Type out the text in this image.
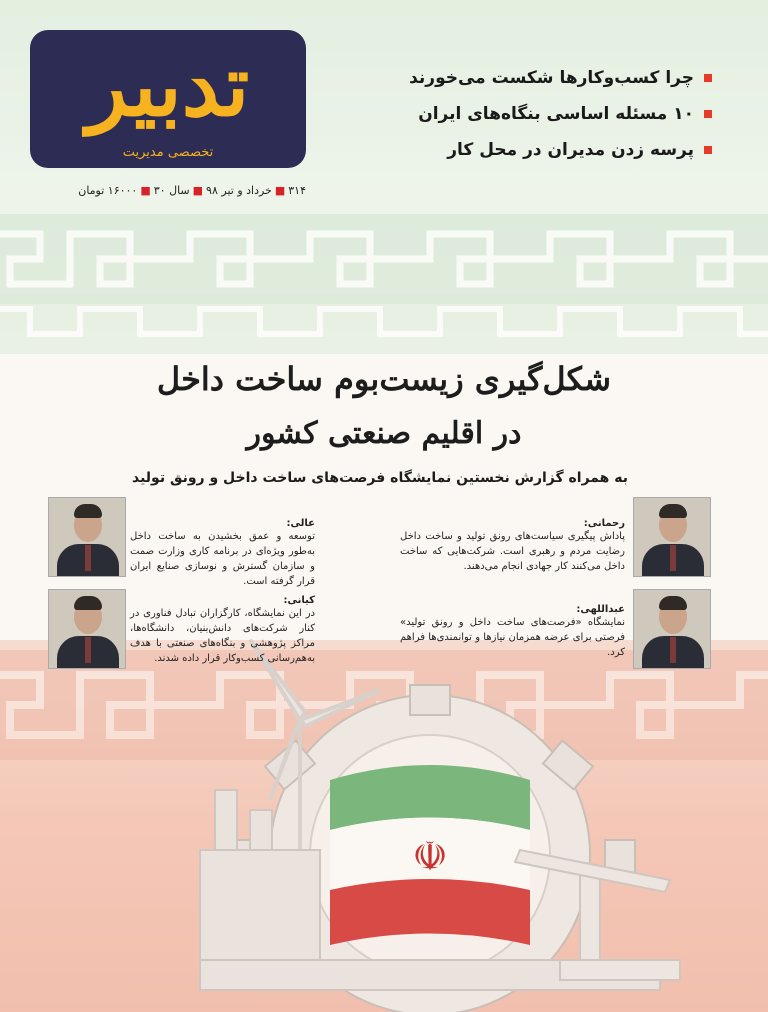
☫
تدبیر
تخصصی مدیریت
۳۱۴■خرداد و تیر ۹۸■سال ۳۰■۱۶۰۰۰ تومان
چرا کسب‌وکارها شکست می‌خورند
۱۰ مسئله اساسی بنگاه‌های ایران
پرسه زدن مدیران در محل کار
شکل‌گیری زیست‌بوم ساخت داخل
در اقلیم صنعتی کشور
به همراه گزارش نخستین نمایشگاه فرصت‌های ساخت داخل و رونق تولید
عالی:
توسعه و عمق بخشیدن به ساخت داخل به‌طور ویژه‌ای در برنامه کاری وزارت صمت و سازمان گسترش و نوسازی صنایع ایران قرار گرفته است.
کیانی:
در این نمایشگاه، کارگزاران تبادل فناوری در کنار شرکت‌های دانش‌بنیان، دانشگاه‌ها، مراکز پژوهشی و بنگاه‌های صنعتی با هدف به‌هم‌رسانی کسب‌وکار قرار داده شدند.
رحمانی:
پاداش پیگیری سیاست‌های رونق تولید و ساخت داخل رضایت مردم و رهبری است. شرکت‌هایی که ساخت داخل می‌کنند کار جهادی انجام می‌دهند.
عبداللهی:
نمایشگاه «فرصت‌های ساخت داخل و رونق تولید» فرصتی برای عرضه همزمان نیازها و توانمندی‌ها فراهم کرد.
